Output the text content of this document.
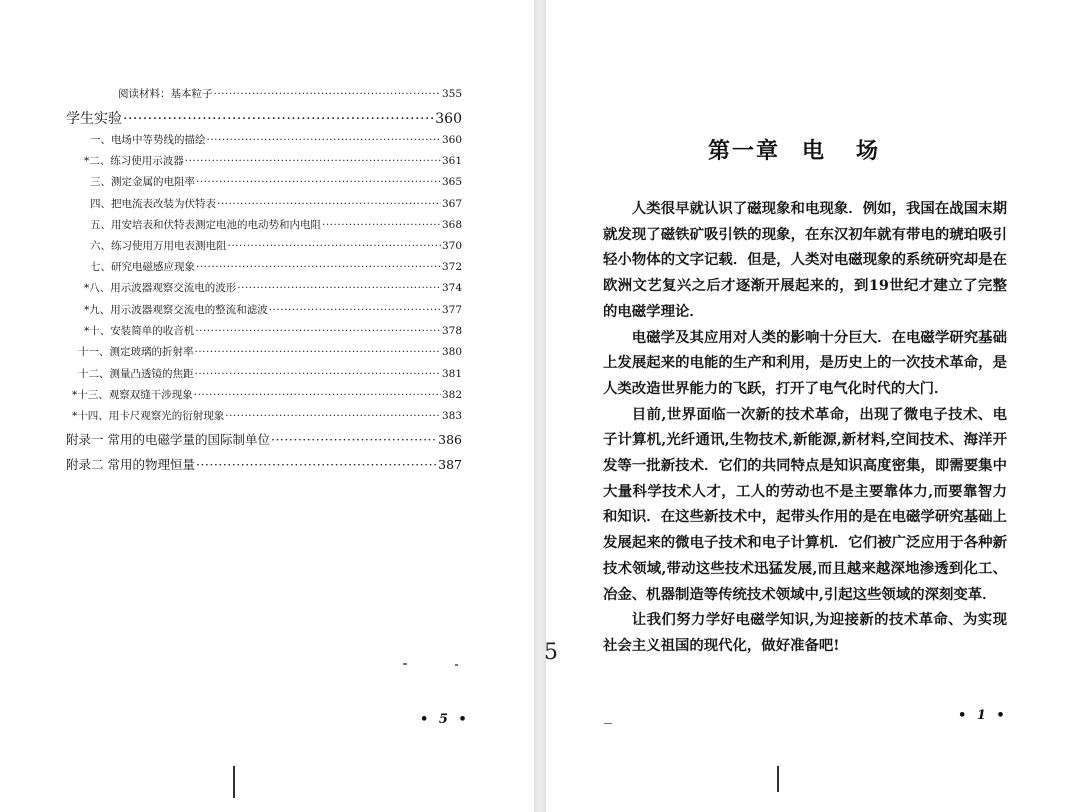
阅读材料：基本粒子 ·····	355
学生实验 ·····	360
一、电场中等势线的描绘 ·····	360
*二、练习使用示波器 ·····	361
三、测定金属的电阻率 ·····	365
四、把电流表改装为伏特表 ·····	367
五、用安培表和伏特表测定电池的电动势和内电阻 ·····	368
六、练习使用万用电表测电阻 ·····	370
七、研究电磁感应现象 ·····	372
*八、用示波器观察交流电的波形 ·····	374
*九、用示波器观察交流电的整流和滤波 ·····	377
*十、安装简单的收音机 ·····	378
十一、测定玻璃的折射率 ·····	380
十二、测量凸透镜的焦距 ·····	381
*十三、观察双缝干涉现象 ·····	382
*十四、用卡尺观察光的衍射现象 ·····	383
附录一 常用的电磁学量的国际制单位 ·····	386
附录二 常用的物理恒量 ·····	387
• 5 •
第一章 电 场
5

人类很早就认识了磁现象和电现象．例如，我国在战国末期就发现了磁铁矿吸引铁的现象，在东汉初年就有带电的琥珀吸引轻小物体的文字记载．但是，人类对电磁现象的系统研究却是在欧洲文艺复兴之后才逐渐开展起来的，到19世纪才建立了完整的电磁学理论．

电磁学及其应用对人类的影响十分巨大．在电磁学研究基础上发展起来的电能的生产和利用，是历史上的一次技术革命，是人类改造世界能力的飞跃，打开了电气化时代的大门．

目前,世界面临一次新的技术革命，出现了微电子技术、电子计算机,光纤通讯,生物技术,新能源,新材料,空间技术、海洋开发等一批新技术．它们的共同特点是知识高度密集，即需要集中大量科学技术人才，工人的劳动也不是主要靠体力,而要靠智力和知识．在这些新技术中，起带头作用的是在电磁学研究基础上发展起来的微电子技术和电子计算机．它们被广泛应用于各种新技术领域,带动这些技术迅猛发展,而且越来越深地渗透到化工、冶金、机器制造等传统技术领域中,引起这些领域的深刻变革．

让我们努力学好电磁学知识,为迎接新的技术革命、为实现社会主义祖国的现代化，做好准备吧!

• 1 •
